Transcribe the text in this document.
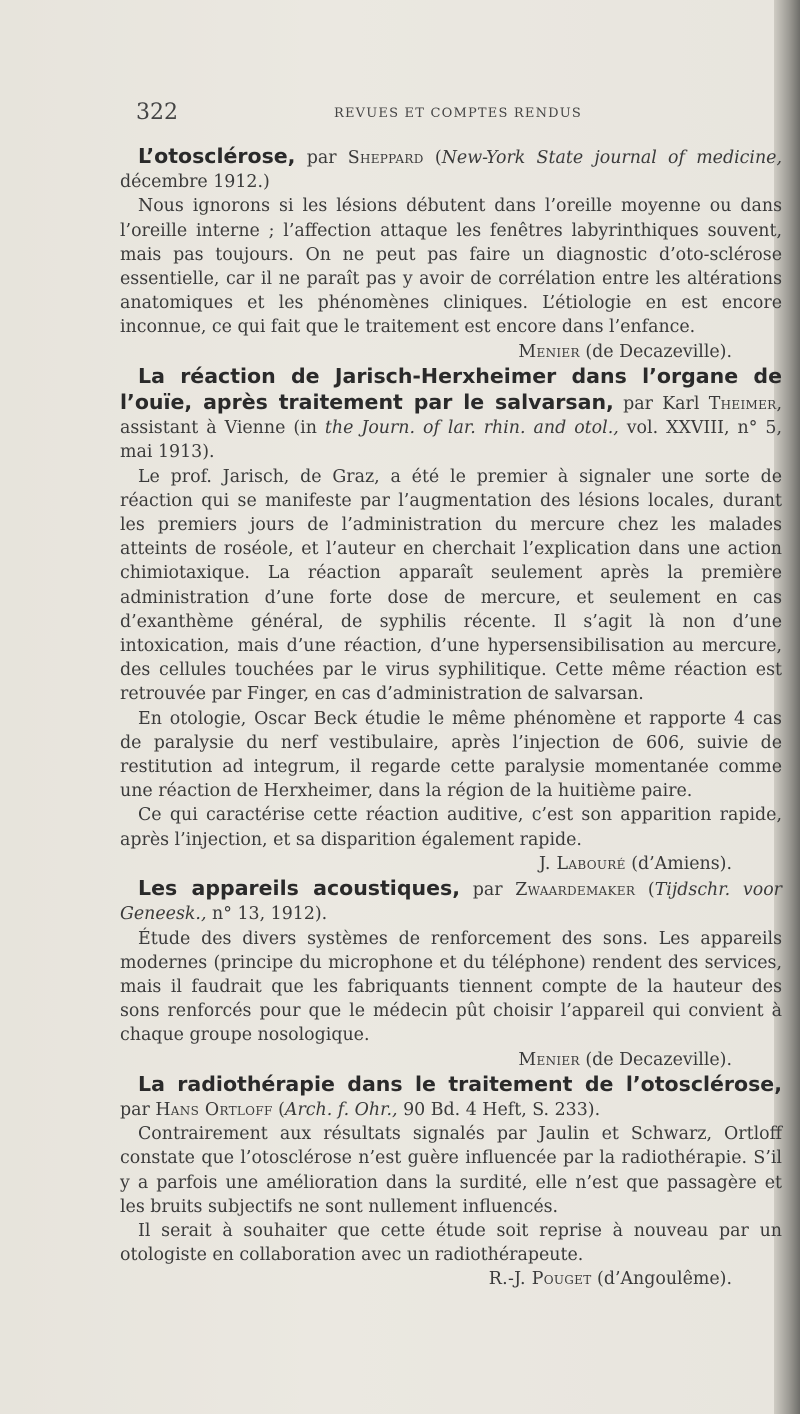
322	REVUES ET COMPTES RENDUS

L’otosclérose, par Sheppard (New-York State journal of medicine, décembre 1912.)

Nous ignorons si les lésions débutent dans l’oreille moyenne ou dans l’oreille interne ; l’affection attaque les fenêtres labyrinthiques souvent, mais pas toujours. On ne peut pas faire un diagnostic d’oto-sclérose essentielle, car il ne paraît pas y avoir de corrélation entre les altérations anatomiques et les phénomènes cliniques. L’étiologie en est encore inconnue, ce qui fait que le traitement est encore dans l’enfance.

Menier (de Decazeville).

La réaction de Jarisch-Herxheimer dans l’organe de l’ouïe, après traitement par le salvarsan, par Karl Theimer, assistant à Vienne (in the Journ. of lar. rhin. and otol., vol. XXVIII, n° 5, mai 1913).

Le prof. Jarisch, de Graz, a été le premier à signaler une sorte de réaction qui se manifeste par l’augmentation des lésions locales, durant les premiers jours de l’administration du mercure chez les malades atteints de roséole, et l’auteur en cherchait l’explication dans une action chimiotaxique. La réaction apparaît seulement après la première administration d’une forte dose de mercure, et seulement en cas d’exanthème général, de syphilis récente. Il s’agit là non d’une intoxication, mais d’une réaction, d’une hypersensibilisation au mercure, des cellules touchées par le virus syphilitique. Cette même réaction est retrouvée par Finger, en cas d’administration de salvarsan.

En otologie, Oscar Beck étudie le même phénomène et rapporte 4 cas de paralysie du nerf vestibulaire, après l’injection de 606, suivie de restitution ad integrum, il regarde cette paralysie momentanée comme une réaction de Herxheimer, dans la région de la huitième paire.

Ce qui caractérise cette réaction auditive, c’est son apparition rapide, après l’injection, et sa disparition également rapide.

J. Labouré (d’Amiens).

Les appareils acoustiques, par Zwaardemaker (Tijdschr. voor Geneesk., n° 13, 1912).

Étude des divers systèmes de renforcement des sons. Les appareils modernes (principe du microphone et du téléphone) rendent des services, mais il faudrait que les fabriquants tiennent compte de la hauteur des sons renforcés pour que le médecin pût choisir l’appareil qui convient à chaque groupe nosologique.

Menier (de Decazeville).

La radiothérapie dans le traitement de l’otosclérose, par Hans Ortloff (Arch. f. Ohr., 90 Bd. 4 Heft, S. 233).

Contrairement aux résultats signalés par Jaulin et Schwarz, Ortloff constate que l’otosclérose n’est guère influencée par la radiothérapie. S’il y a parfois une amélioration dans la surdité, elle n’est que passagère et les bruits subjectifs ne sont nullement influencés.

Il serait à souhaiter que cette étude soit reprise à nouveau par un otologiste en collaboration avec un radiothérapeute.

R.-J. Pouget (d’Angoulême).
